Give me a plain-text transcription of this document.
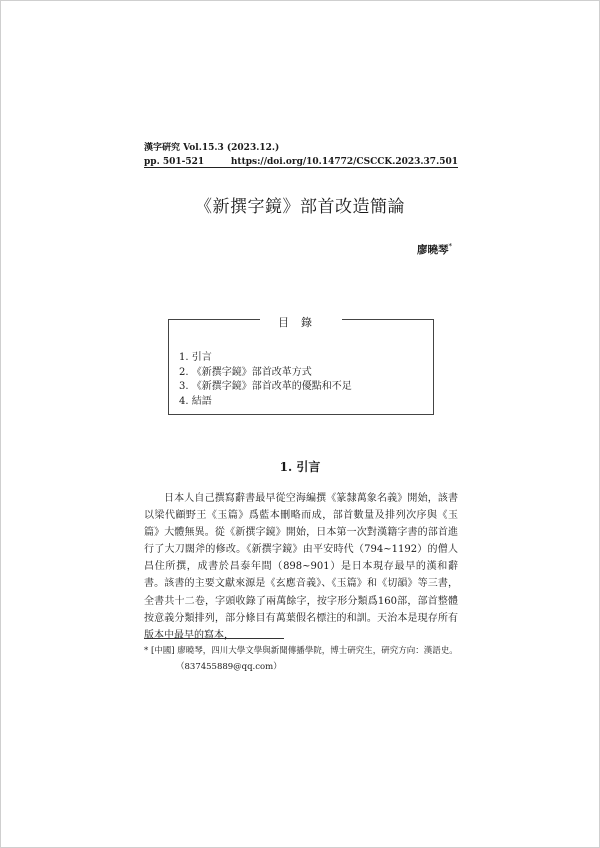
漢字硏究 Vol.15.3 (2023.12.)
pp. 501-521	https://doi.org/10.14772/CSCCK.2023.37.501
《新撰字鏡》部首改造簡論
廖曉琴*
目錄
1. 引言
2. 《新撰字鏡》部首改革方式
3. 《新撰字鏡》部首改革的優點和不足
4. 結語
1. 引言

日本人自己撰寫辭書最早從空海編撰《篆隸萬象名義》開始，該書以梁代顧野王《玉篇》爲藍本刪略而成，部首數量及排列次序與《玉篇》大體無異。從《新撰字鏡》開始，日本第一次對漢籍字書的部首進行了大刀闊斧的修改。《新撰字鏡》由平安時代（794~1192）的僧人昌住所撰，成書於昌泰年間（898~901）是日本現存最早的漢和辭書。該書的主要文獻來源是《玄應音義》、《玉篇》和《切韻》等三書，全書共十二卷，字頭收錄了兩萬餘字，按字形分類爲160部，部首整體按意義分類排列，部分條目有萬葉假名標注的和訓。天治本是現存所有版本中最早的寫本，

* [中國] 廖曉琴，四川大學文學與新聞傳播學院，博士硏究生，硏究方向：漢語史。
（837455889@qq.com）
